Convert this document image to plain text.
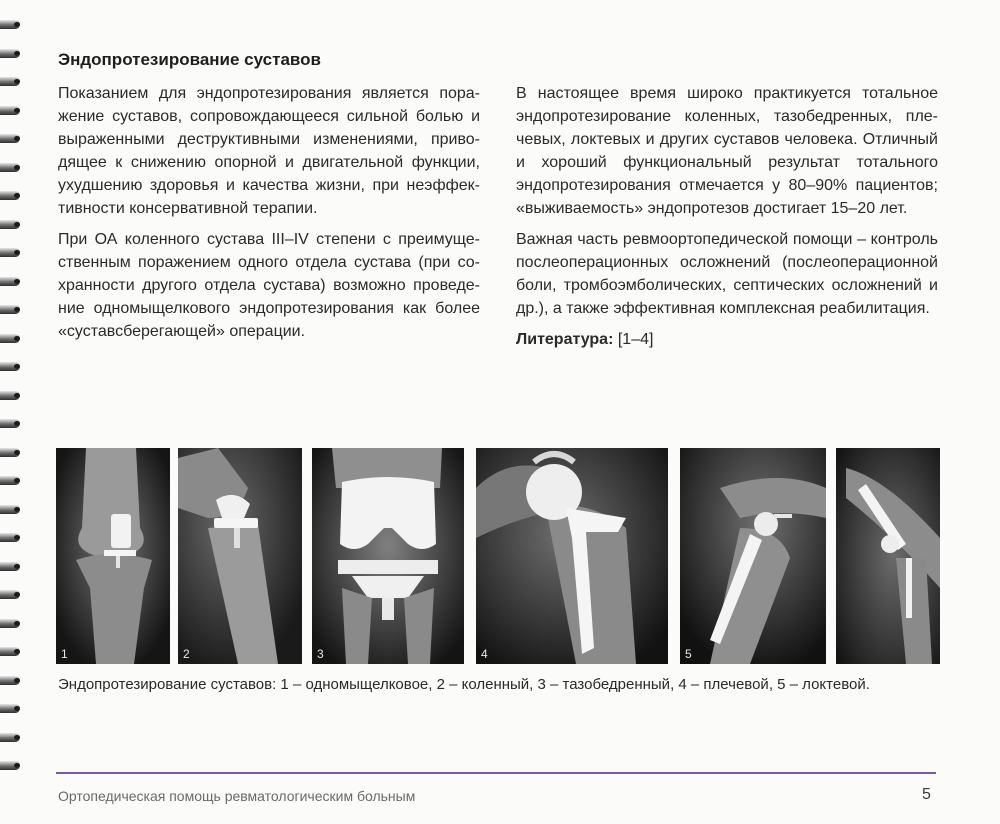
Эндопротезирование суставов

Показанием для эндопротезирования является поражение суставов, сопровождающееся сильной болью и выраженными деструктивными изменениями, приводящее к снижению опорной и двигательной функции, ухудшению здоровья и качества жизни, при неэффективности консервативной терапии.

При ОА коленного сустава III–IV степени с преимущественным поражением одного отдела сустава (при сохранности другого отдела сустава) возможно проведение одномыщелкового эндопротезирования как более «суставсберегающей» операции.

В настоящее время широко практикуется тотальное эндопротезирование коленных, тазобедренных, плечевых, локтевых и других суставов человека. Отличный и хороший функциональный результат тотального эндопротезирования отмечается у 80–90% пациентов; «выживаемость» эндопротезов достигает 15–20 лет.

Важная часть ревмоортопедической помощи – контроль послеоперационных осложнений (послеоперационной боли, тромбоэмболических, септических осложнений и др.), а также эффективная комплексная реабилитация.

Литература: [1–4]

1	2	3	4	5

Эндопротезирование суставов: 1 – одномыщелковое, 2 – коленный, 3 – тазобедренный, 4 – плечевой, 5 – локтевой.

Ортопедическая помощь ревматологическим больным	5
